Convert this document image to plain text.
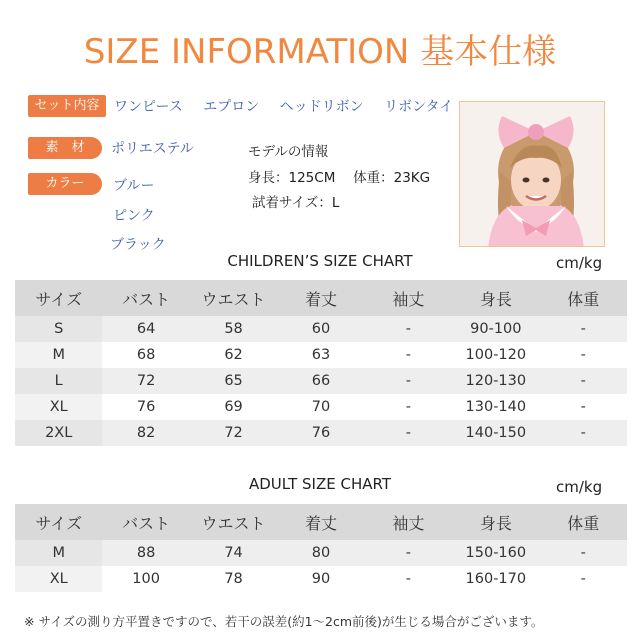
SIZE INFORMATION 基本仕様
セット内容	ワンピース エプロン ヘッドリボン リボンタイ
素　材	ポリエステル
カラー	ブルー
ピンク
ブラック
モデルの情報
身長：125CM　 体重：23KG
試着サイズ：L
CHILDREN’S SIZE CHART	cm/kg
サイズ	バスト	ウエスト	着丈	袖丈	身長	体重
S	64	58	60	-	90-100	-
M	68	62	63	-	100-120	-
L	72	65	66	-	120-130	-
XL	76	69	70	-	130-140	-
2XL	82	72	76	-	140-150	-
ADULT SIZE CHART	cm/kg
サイズ	バスト	ウエスト	着丈	袖丈	身長	体重
M	88	74	80	-	150-160	-
XL	100	78	90	-	160-170	-
※ サイズの測り方平置きですので、若干の誤差(約1～2cm前後)が生じる場合がございます。
